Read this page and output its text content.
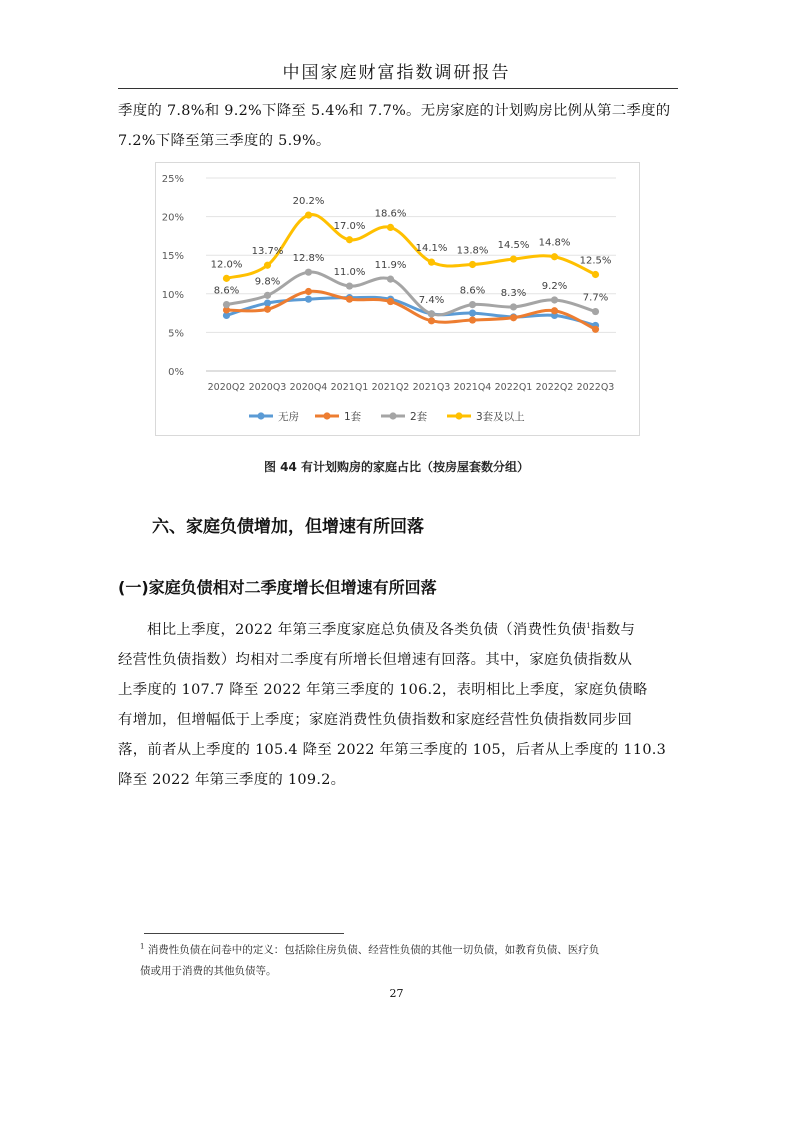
中国家庭财富指数调研报告
季度的 7.8%和 9.2%下降至 5.4%和 7.7%。无房家庭的计划购房比例从第二季度的
7.2%下降至第三季度的 5.9%。
0%
5%
10%
15%
20%
25%
2020Q2 2020Q3 2020Q4 2021Q1 2021Q2 2021Q3 2021Q4 2022Q1 2022Q2 2022Q3
8.6%
9.8%
12.8%
11.0%
11.9%
7.4%
8.6% 8.3%
9.2%
7.7%
12.0%
13.7%
20.2%
17.0%
18.6%
14.1% 13.8% 14.5% 14.8%
12.5%
无房	1套	2套	3套及以上
图 44 有计划购房的家庭占比（按房屋套数分组）
六、家庭负债增加，但增速有所回落
(一)家庭负债相对二季度增长但增速有所回落
相比上季度，2022 年第三季度家庭总负债及各类负债（消费性负债$^1$指数与
经营性负债指数）均相对二季度有所增长但增速有回落。其中，家庭负债指数从
上季度的 107.7 降至 2022 年第三季度的 106.2，表明相比上季度，家庭负债略
有增加，但增幅低于上季度；家庭消费性负债指数和家庭经营性负债指数同步回
落，前者从上季度的 105.4 降至 2022 年第三季度的 105，后者从上季度的 110.3
降至 2022 年第三季度的 109.2。
$^1$ 消费性负债在问卷中的定义：包括除住房负债、经营性负债的其他一切负债，如教育负债、医疗负
债或用于消费的其他负债等。
27
